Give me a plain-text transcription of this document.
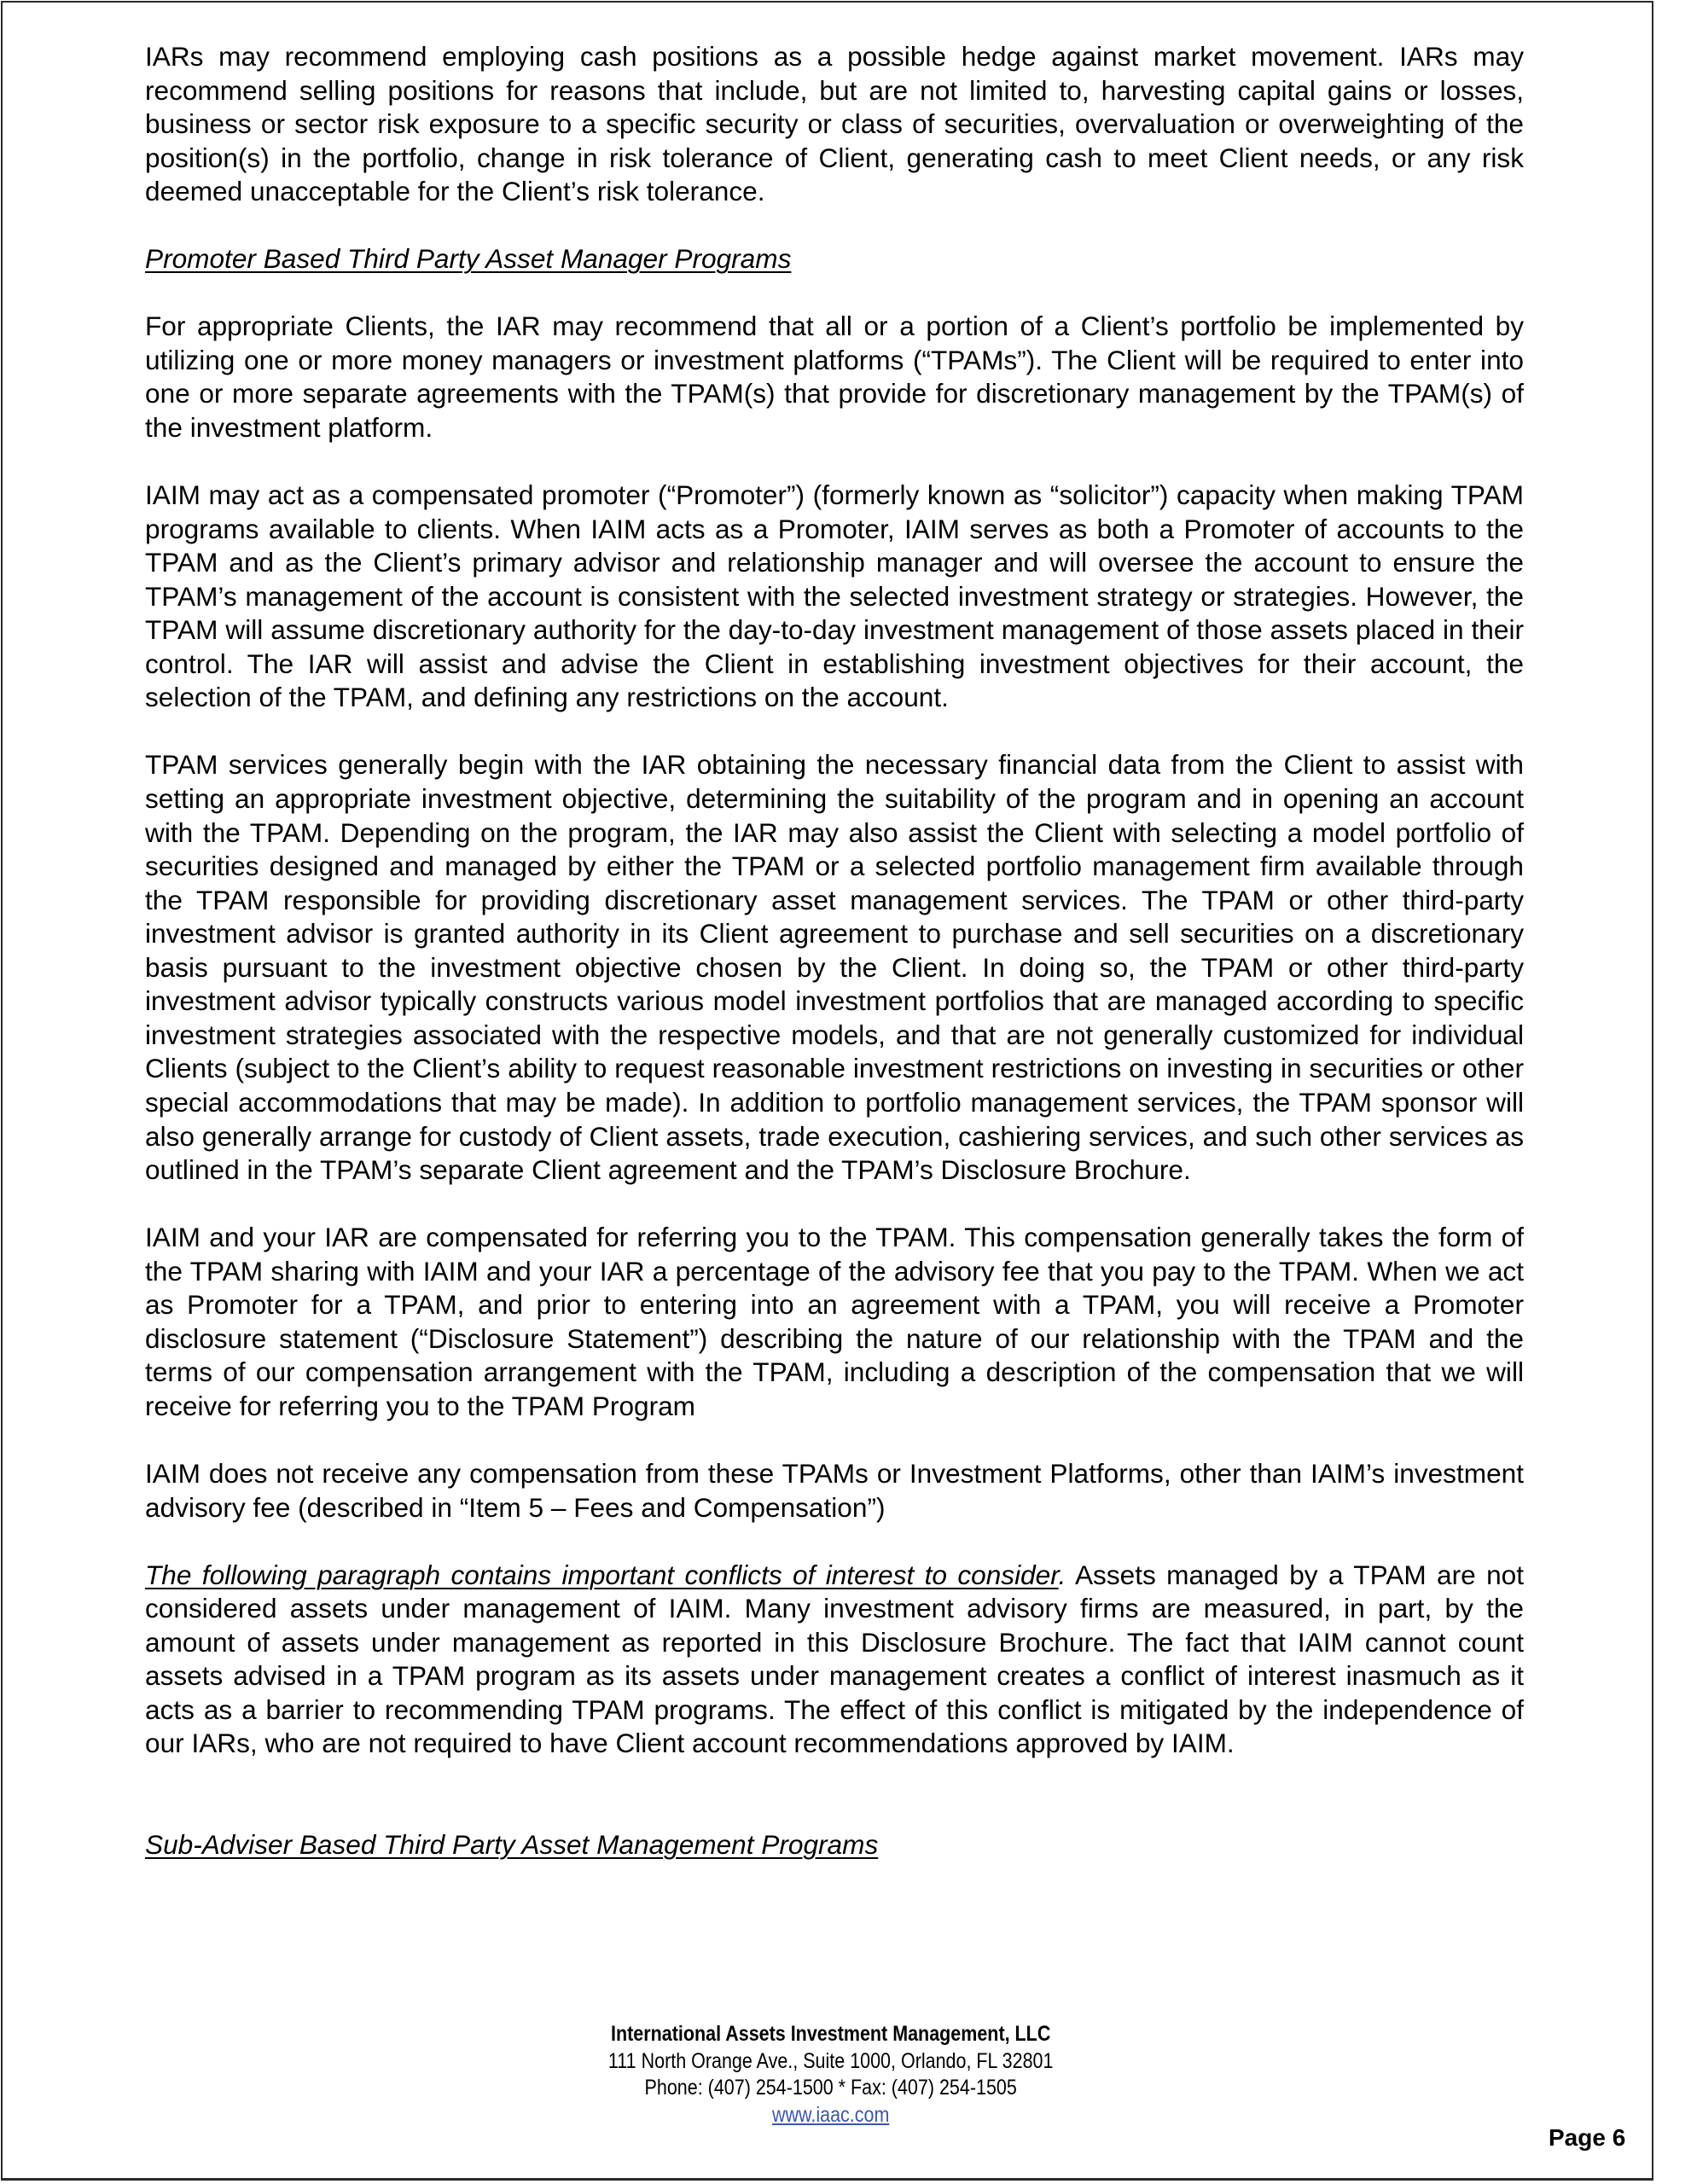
IARs may recommend employing cash positions as a possible hedge against market movement. IARs may recommend selling positions for reasons that include, but are not limited to, harvesting capital gains or losses, business or sector risk exposure to a specific security or class of securities, overvaluation or overweighting of the position(s) in the portfolio, change in risk tolerance of Client, generating cash to meet Client needs, or any risk deemed unacceptable for the Client’s risk tolerance.

Promoter Based Third Party Asset Manager Programs

For appropriate Clients, the IAR may recommend that all or a portion of a Client’s portfolio be implemented by utilizing one or more money managers or investment platforms (“TPAMs”). The Client will be required to enter into one or more separate agreements with the TPAM(s) that provide for discretionary management by the TPAM(s) of the investment platform.

IAIM may act as a compensated promoter (“Promoter”) (formerly known as “solicitor”) capacity when making TPAM programs available to clients. When IAIM acts as a Promoter, IAIM serves as both a Promoter of accounts to the TPAM and as the Client’s primary advisor and relationship manager and will oversee the account to ensure the TPAM’s management of the account is consistent with the selected investment strategy or strategies. However, the TPAM will assume discretionary authority for the day-to-day investment management of those assets placed in their control. The IAR will assist and advise the Client in establishing investment objectives for their account, the selection of the TPAM, and defining any restrictions on the account.

TPAM services generally begin with the IAR obtaining the necessary financial data from the Client to assist with setting an appropriate investment objective, determining the suitability of the program and in opening an account with the TPAM. Depending on the program, the IAR may also assist the Client with selecting a model portfolio of securities designed and managed by either the TPAM or a selected portfolio management firm available through the TPAM responsible for providing discretionary asset management services. The TPAM or other third-party investment advisor is granted authority in its Client agreement to purchase and sell securities on a discretionary basis pursuant to the investment objective chosen by the Client. In doing so, the TPAM or other third-party investment advisor typically constructs various model investment portfolios that are managed according to specific investment strategies associated with the respective models, and that are not generally customized for individual Clients (subject to the Client’s ability to request reasonable investment restrictions on investing in securities or other special accommodations that may be made). In addition to portfolio management services, the TPAM sponsor will also generally arrange for custody of Client assets, trade execution, cashiering services, and such other services as outlined in the TPAM’s separate Client agreement and the TPAM’s Disclosure Brochure.

IAIM and your IAR are compensated for referring you to the TPAM. This compensation generally takes the form of the TPAM sharing with IAIM and your IAR a percentage of the advisory fee that you pay to the TPAM. When we act as Promoter for a TPAM, and prior to entering into an agreement with a TPAM, you will receive a Promoter disclosure statement (“Disclosure Statement”) describing the nature of our relationship with the TPAM and the terms of our compensation arrangement with the TPAM, including a description of the compensation that we will receive for referring you to the TPAM Program

IAIM does not receive any compensation from these TPAMs or Investment Platforms, other than IAIM’s investment advisory fee (described in “Item 5 – Fees and Compensation”)

The following paragraph contains important conflicts of interest to consider. Assets managed by a TPAM are not considered assets under management of IAIM. Many investment advisory firms are measured, in part, by the amount of assets under management as reported in this Disclosure Brochure. The fact that IAIM cannot count assets advised in a TPAM program as its assets under management creates a conflict of interest inasmuch as it acts as a barrier to recommending TPAM programs. The effect of this conflict is mitigated by the independence of our IARs, who are not required to have Client account recommendations approved by IAIM.

Sub-Adviser Based Third Party Asset Management Programs

International Assets Investment Management, LLC
111 North Orange Ave., Suite 1000, Orlando, FL 32801
Phone: (407) 254-1500 * Fax: (407) 254-1505
www.iaac.com
Page 6
